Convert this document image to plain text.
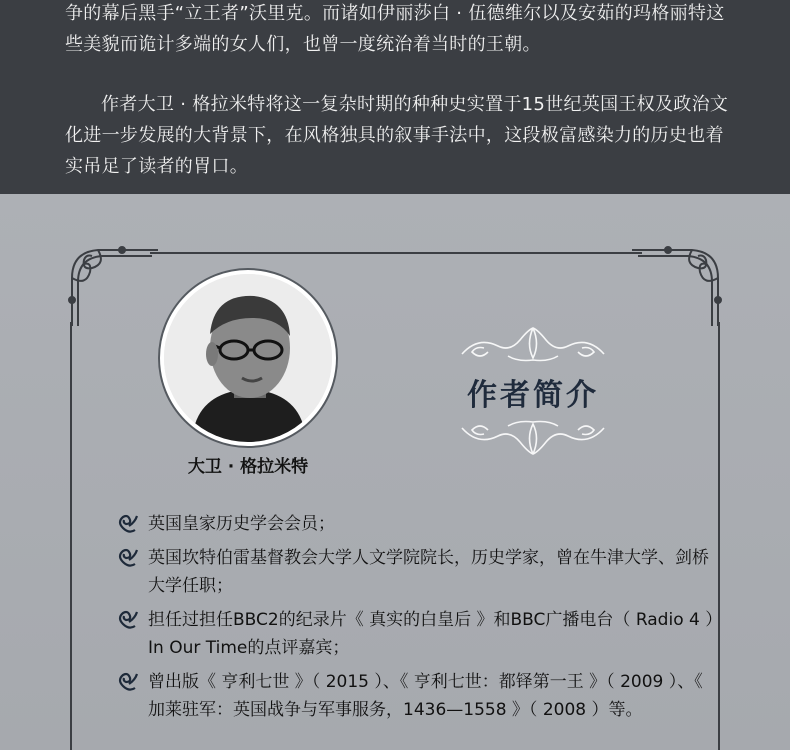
争的幕后黑手“立王者”沃里克。而诸如伊丽莎白 · 伍德维尔以及安茹的玛格丽特这些美貌而诡计多端的女人们，也曾一度统治着当时的王朝。

作者大卫 · 格拉米特将这一复杂时期的种种史实置于15世纪英国王权及政治文化进一步发展的大背景下，在风格独具的叙事手法中，这段极富感染力的历史也着实吊足了读者的胃口。

大卫 · 格拉米特
作者简介
英国皇家历史学会会员；
英国坎特伯雷基督教会大学人文学院院长，历史学家，曾在牛津大学、剑桥大学任职；
担任过担任BBC2的纪录片《 真实的白皇后 》和BBC广播电台（ Radio 4 ）In Our Time的点评嘉宾；
曾出版《 亨利七世 》（ 2015 ）、《 亨利七世：都铎第一王 》（ 2009 ）、《 加莱驻军：英国战争与军事服务，1436—1558 》（ 2008 ）等。
